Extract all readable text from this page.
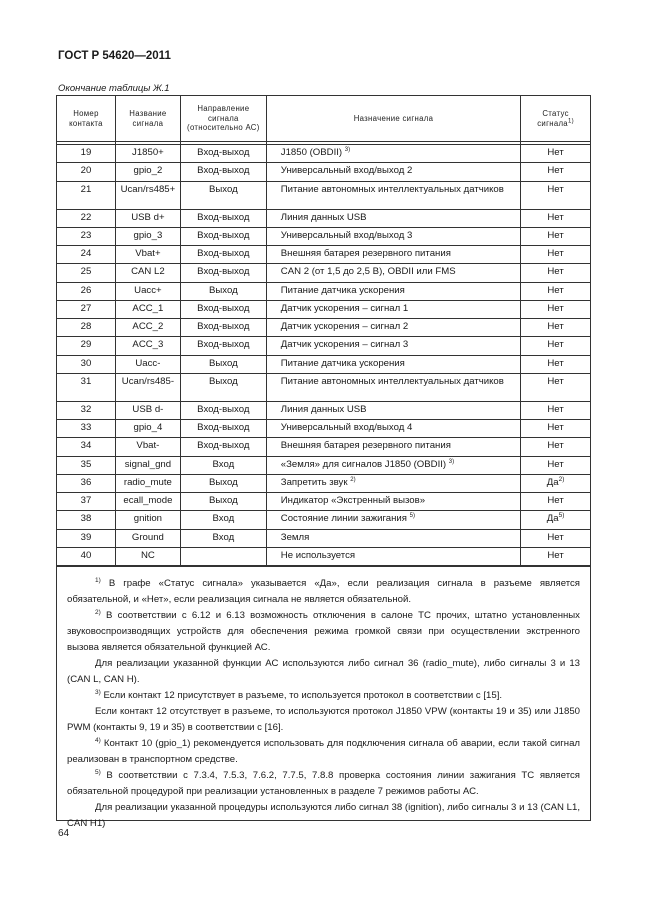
ГОСТ Р 54620—2011
Окончание таблицы Ж.1
Номер контакта	Название сигнала	Направление сигнала (относительно АС)	Назначение сигнала	Статус сигнала$^{1)}$

19	J1850+	Вход-выход	J1850 (OBDII) $^{3)}$	Нет
20	gpio_2	Вход-выход	Универсальный вход/выход 2	Нет
21	Ucan/rs485+	Выход	Питание автономных интеллектуальных датчиков	Нет
22	USB d+	Вход-выход	Линия данных USB	Нет
23	gpio_3	Вход-выход	Универсальный вход/выход 3	Нет
24	Vbat+	Вход-выход	Внешняя батарея резервного питания	Нет
25	CAN L2	Вход-выход	CAN 2 (от 1,5 до 2,5 В), OBDII или FMS	Нет
26	Uacc+	Выход	Питание датчика ускорения	Нет
27	ACC_1	Вход-выход	Датчик ускорения – сигнал 1	Нет
28	ACC_2	Вход-выход	Датчик ускорения – сигнал 2	Нет
29	ACC_3	Вход-выход	Датчик ускорения – сигнал 3	Нет
30	Uacc-	Выход	Питание датчика ускорения	Нет
31	Ucan/rs485-	Выход	Питание автономных интеллектуальных датчиков	Нет
32	USB d-	Вход-выход	Линия данных USB	Нет
33	gpio_4	Вход-выход	Универсальный вход/выход 4	Нет
34	Vbat-	Вход-выход	Внешняя батарея резервного питания	Нет
35	signal_gnd	Вход	«Земля» для сигналов J1850 (OBDII) $^{3)}$	Нет
36	radio_mute	Выход	Запретить звук $^{2)}$	$Да^{2)}$
37	ecall_mode	Выход	Индикатор «Экстренный вызов»	Нет
38	gnition	Вход	Состояние линии зажигания $^{5)}$	$Да^{5)}$
39	Ground	Вход	Земля	Нет
40	NC		Не используется	Нет

$^{1)}$ В графе «Статус сигнала» указывается «Да», если реализация сигнала в разъеме является обязательной, и «Нет», если реализация сигнала не является обязательной.

$^{2)}$ В соответствии с 6.12 и 6.13 возможность отключения в салоне ТС прочих, штатно установленных звуковоспроизводящих устройств для обеспечения режима громкой связи при осуществлении экстренного вызова является обязательной функцией АС.

Для реализации указанной функции АС используются либо сигнал 36 (radio_mute), либо сигналы 3 и 13 (CAN L, CAN H).

$^{3)}$ Если контакт 12 присутствует в разъеме, то используется протокол в соответствии с [15].

Если контакт 12 отсутствует в разъеме, то используются протокол J1850 VPW (контакты 19 и 35) или J1850 PWM (контакты 9, 19 и 35) в соответствии с [16].

$^{4)}$ Контакт 10 (gpio_1) рекомендуется использовать для подключения сигнала об аварии, если такой сигнал реализован в транспортном средстве.

$^{5)}$ В соответствии с 7.3.4, 7.5.3, 7.6.2, 7.7.5, 7.8.8 проверка состояния линии зажигания ТС является обязательной процедурой при реализации установленных в разделе 7 режимов работы АС.

Для реализации указанной процедуры используются либо сигнал 38 (ignition), либо сигналы 3 и 13 (CAN L1, CAN H1)

64
